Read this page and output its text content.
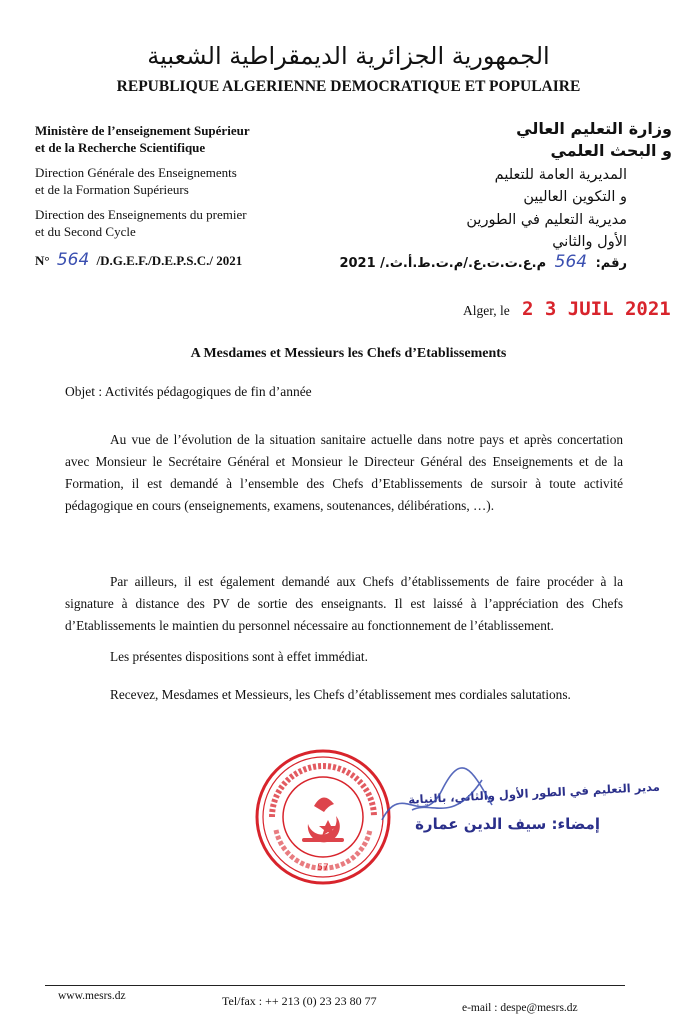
الجمهورية الجزائرية الديمقراطية الشعبية
REPUBLIQUE ALGERIENNE DEMOCRATIQUE ET POPULAIRE
Ministère de l’enseignement Supérieur
et de la Recherche Scientifique
Direction Générale des Enseignements
et de la Formation Supérieurs
Direction des Enseignements du premier
et du Second Cycle
N° 564 /D.G.E.F./D.E.P.S.C./ 2021
وزارة التعليم العالي
و البحث العلمي
المديرية العامة للتعليم
و التكوين العاليين
مديرية التعليم في الطورين
الأول والثاني
رقم: 564 م.ع.ت.ت.ع./م.ت.ط.أ.ث./ 2021
Alger, le 2 3 JUIL 2021
A Mesdames et Messieurs les Chefs d’Etablissements
Objet : Activités pédagogiques de fin d’année
Au vue de l’évolution de la situation sanitaire actuelle dans notre pays et après concertation avec Monsieur le Secrétaire Général et Monsieur le Directeur Général des Enseignements et de la Formation, il est demandé à l’ensemble des Chefs d’Etablissements de sursoir à toute activité pédagogique en cours (enseignements, examens, soutenances, délibérations, …).
Par ailleurs, il est également demandé aux Chefs d’établissements de faire procéder à la signature à distance des PV de sortie des enseignants. Il est laissé à l’appréciation des Chefs d’Etablissements le maintien du personnel nécessaire au fonctionnement de l’établissement.
Les présentes dispositions sont à effet immédiat.
Recevez, Mesdames et Messieurs, les Chefs d’établissement mes cordiales salutations.
57
مدير التعليم في الطور الأول والثاني، بالنيابة
إمضاء: سيف الدين عمارة
www.mesrs.dz	Tel/fax : ++ 213 (0) 23 23 80 77	e-mail : despe@mesrs.dz
